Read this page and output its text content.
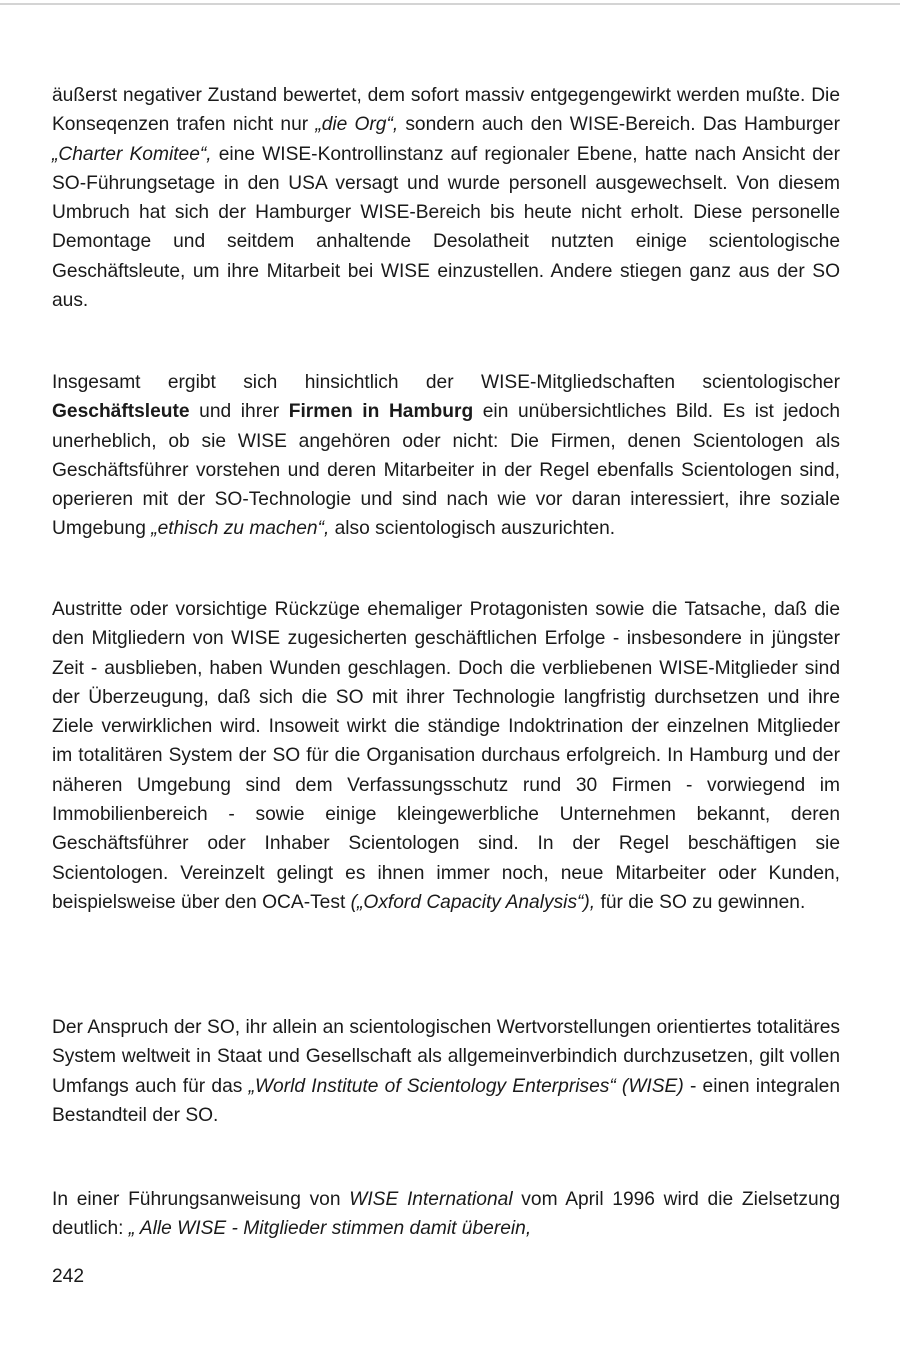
äußerst negativer Zustand bewertet, dem sofort massiv entgegengewirkt werden mußte. Die Konseqenzen trafen nicht nur „die Org“, sondern auch den WISE-Bereich. Das Hamburger „Charter Komitee“, eine WISE-Kontrollinstanz auf regionaler Ebene, hatte nach Ansicht der SO-Führungsetage in den USA versagt und wurde personell ausgewechselt. Von diesem Umbruch hat sich der Hamburger WISE-Bereich bis heute nicht erholt. Diese personelle Demontage und seitdem anhaltende Desolatheit nutzten einige scientologische Geschäftsleute, um ihre Mitarbeit bei WISE einzustellen. Andere stiegen ganz aus der SO aus.

Insgesamt ergibt sich hinsichtlich der WISE-Mitgliedschaften scientologischer Geschäftsleute und ihrer Firmen in Hamburg ein unübersichtliches Bild. Es ist jedoch unerheblich, ob sie WISE angehören oder nicht: Die Firmen, denen Scientologen als Geschäftsführer vorstehen und deren Mitarbeiter in der Regel ebenfalls Scientologen sind, operieren mit der SO-Technologie und sind nach wie vor daran interessiert, ihre soziale Umgebung „ethisch zu machen“, also scientologisch auszurichten.

Austritte oder vorsichtige Rückzüge ehemaliger Protagonisten sowie die Tatsache, daß die den Mitgliedern von WISE zugesicherten geschäftlichen Erfolge - insbesondere in jüngster Zeit - ausblieben, haben Wunden geschlagen. Doch die verbliebenen WISE-Mitglieder sind der Überzeugung, daß sich die SO mit ihrer Technologie langfristig durchsetzen und ihre Ziele verwirklichen wird. Insoweit wirkt die ständige Indoktrination der einzelnen Mitglieder im totalitären System der SO für die Organisation durchaus erfolgreich. In Hamburg und der näheren Umgebung sind dem Verfassungsschutz rund 30 Firmen - vorwiegend im Immobilienbereich - sowie einige kleingewerbliche Unternehmen bekannt, deren Geschäftsführer oder Inhaber Scientologen sind. In der Regel beschäftigen sie Scientologen. Vereinzelt gelingt es ihnen immer noch, neue Mitarbeiter oder Kunden, beispielsweise über den OCA-Test („Oxford Capacity Analysis“), für die SO zu gewinnen.

Der Anspruch der SO, ihr allein an scientologischen Wertvorstellungen orientiertes totalitäres System weltweit in Staat und Gesellschaft als allgemeinverbindich durchzusetzen, gilt vollen Umfangs auch für das „World Institute of Scientology Enterprises“ (WISE) - einen integralen Bestandteil der SO.

In einer Führungsanweisung von WISE International vom April 1996 wird die Zielsetzung deutlich: „ Alle WISE - Mitglieder stimmen damit überein,

242
